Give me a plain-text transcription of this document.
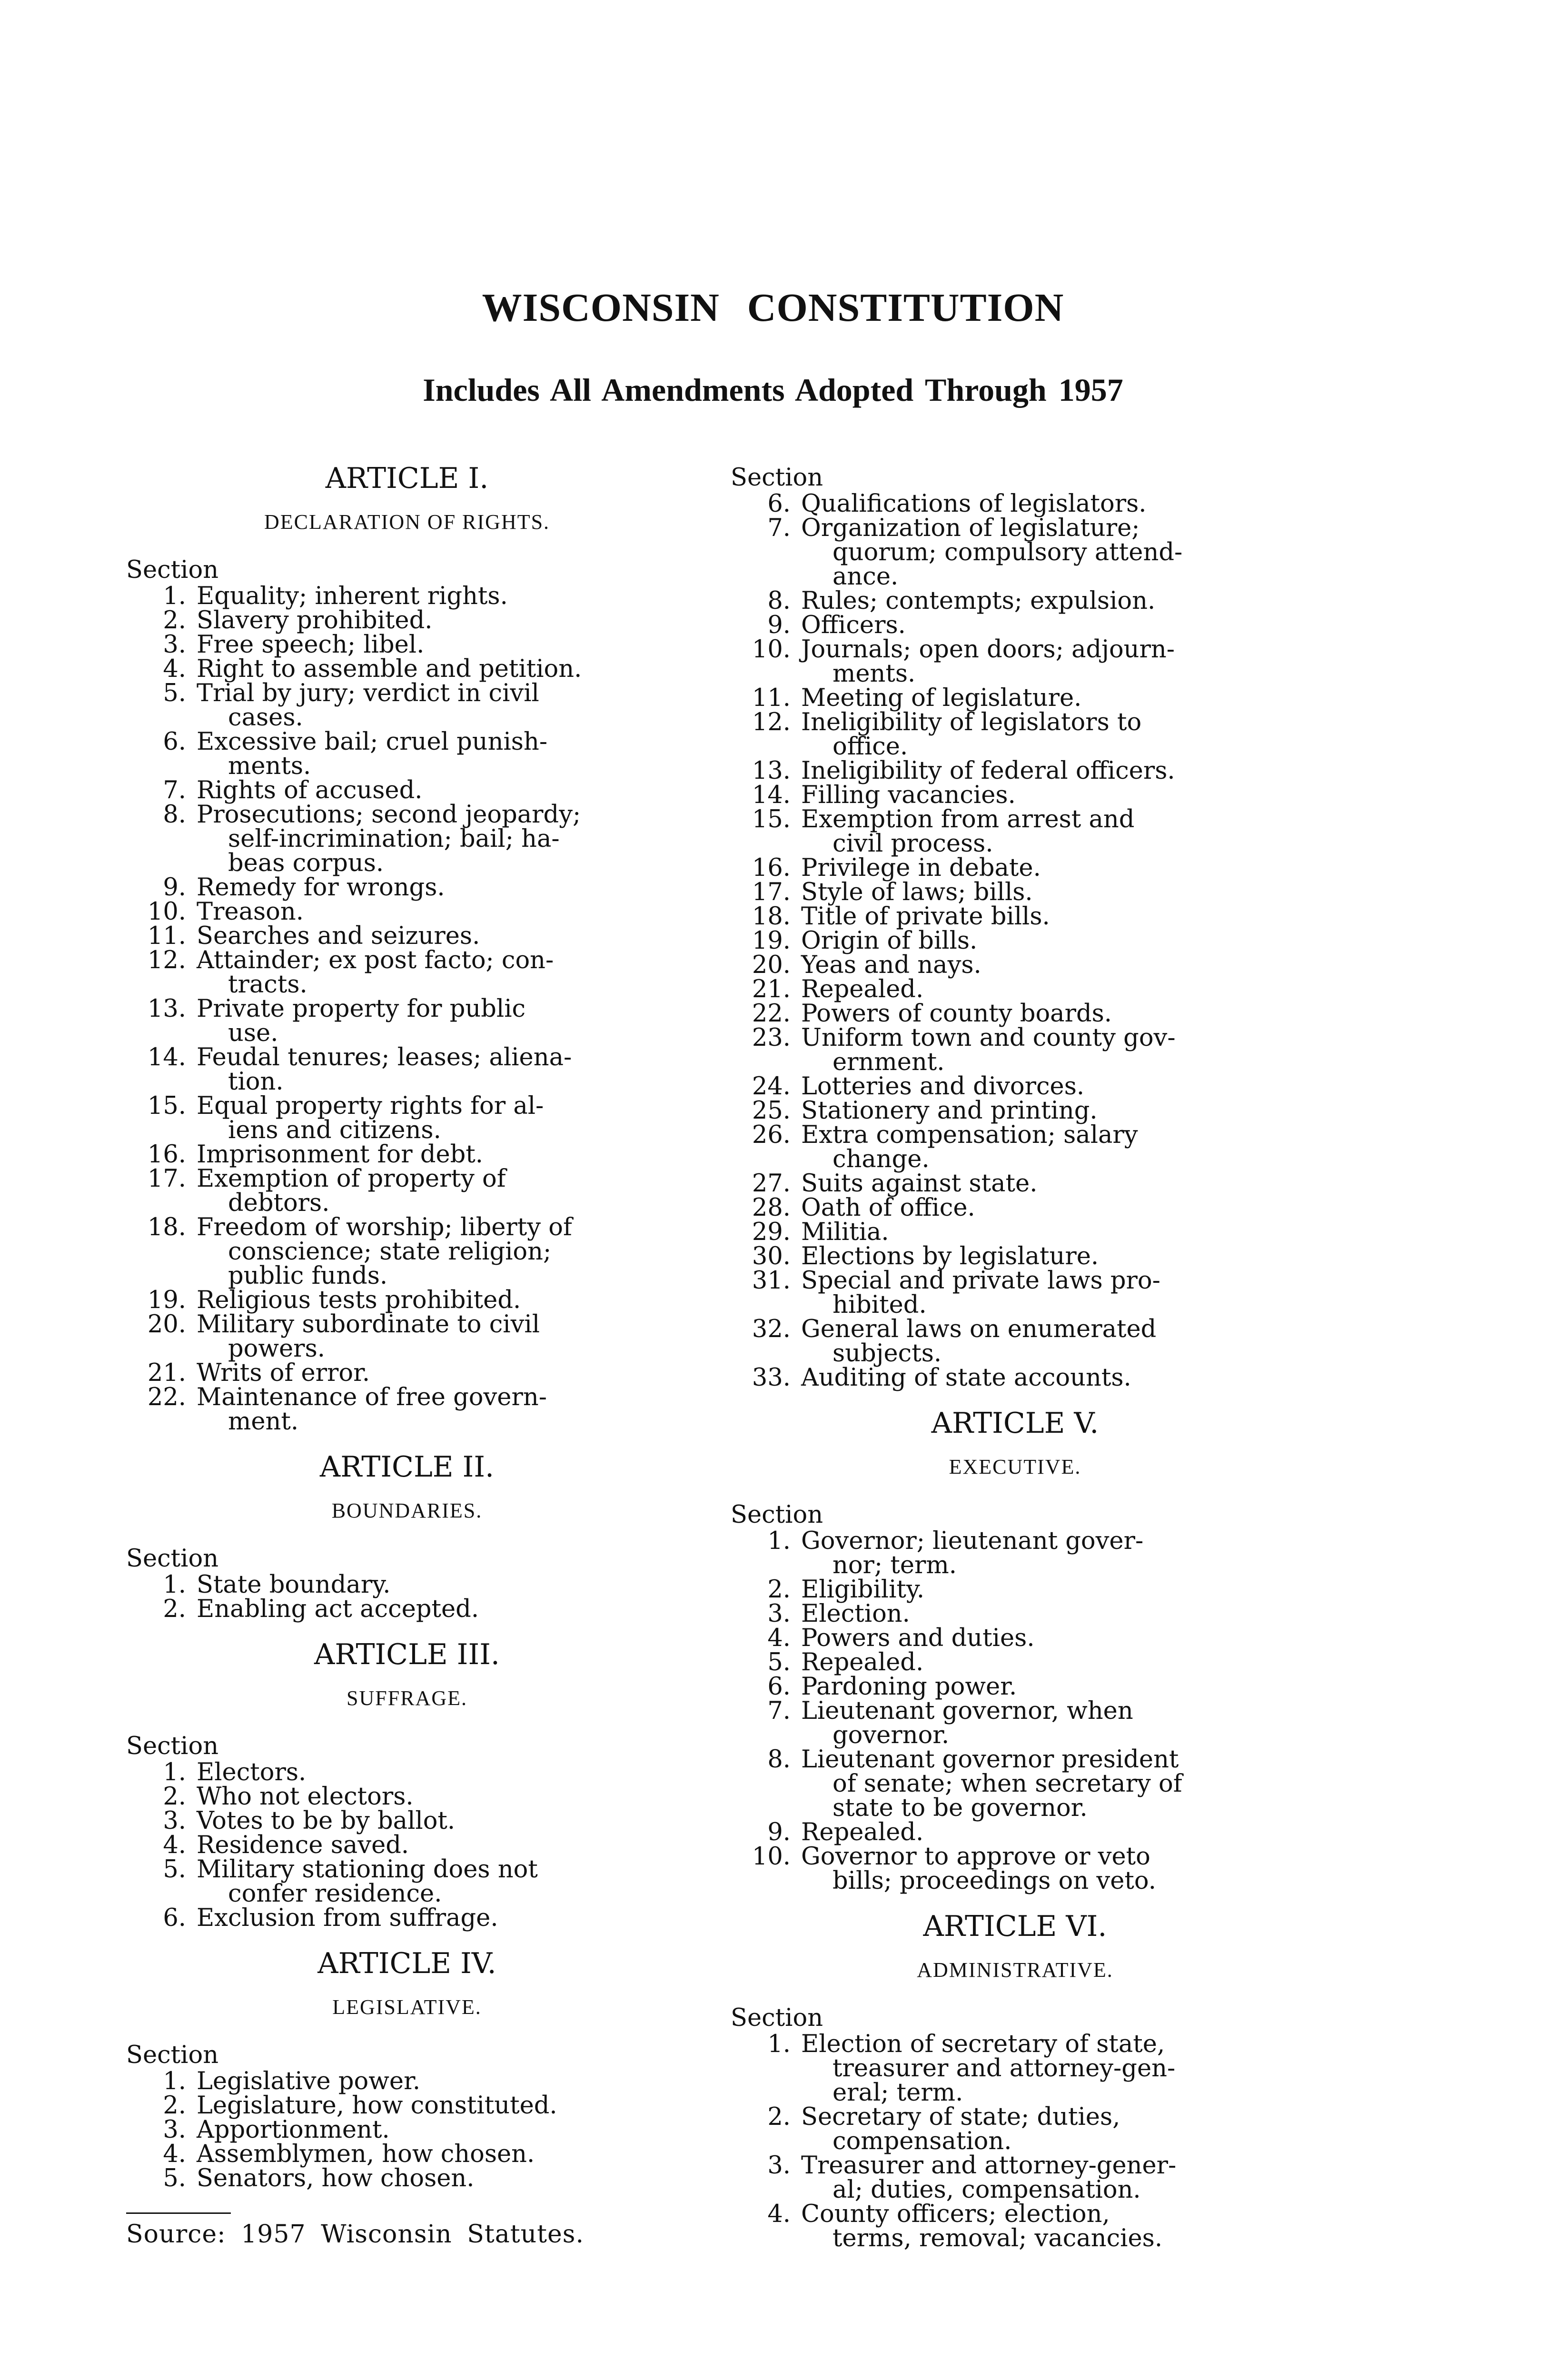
WISCONSIN CONSTITUTION
Includes All Amendments Adopted Through 1957
ARTICLE I.
DECLARATION OF RIGHTS.
Section
1. Equality; inherent rights.
2. Slavery prohibited.
3. Free speech; libel.
4. Right to assemble and petition.
5. Trial by jury; verdict in civil
cases.
6. Excessive bail; cruel punish-
ments.
7. Rights of accused.
8. Prosecutions; second jeopardy;
self-incrimination; bail; ha-
beas corpus.
9. Remedy for wrongs.
10. Treason.
11. Searches and seizures.
12. Attainder; ex post facto; con-
tracts.
13. Private property for public
use.
14. Feudal tenures; leases; aliena-
tion.
15. Equal property rights for al-
iens and citizens.
16. Imprisonment for debt.
17. Exemption of property of
debtors.
18. Freedom of worship; liberty of
conscience; state religion;
public funds.
19. Religious tests prohibited.
20. Military subordinate to civil
powers.
21. Writs of error.
22. Maintenance of free govern-
ment.
ARTICLE II.
BOUNDARIES.
Section
1. State boundary.
2. Enabling act accepted.
ARTICLE III.
SUFFRAGE.
Section
1. Electors.
2. Who not electors.
3. Votes to be by ballot.
4. Residence saved.
5. Military stationing does not
confer residence.
6. Exclusion from suffrage.
ARTICLE IV.
LEGISLATIVE.
Section
1. Legislative power.
2. Legislature, how constituted.
3. Apportionment.
4. Assemblymen, how chosen.
5. Senators, how chosen.
Source: 1957 Wisconsin Statutes.
Section
6. Qualifications of legislators.
7. Organization of legislature;
quorum; compulsory attend-
ance.
8. Rules; contempts; expulsion.
9. Officers.
10. Journals; open doors; adjourn-
ments.
11. Meeting of legislature.
12. Ineligibility of legislators to
office.
13. Ineligibility of federal officers.
14. Filling vacancies.
15. Exemption from arrest and
civil process.
16. Privilege in debate.
17. Style of laws; bills.
18. Title of private bills.
19. Origin of bills.
20. Yeas and nays.
21. Repealed.
22. Powers of county boards.
23. Uniform town and county gov-
ernment.
24. Lotteries and divorces.
25. Stationery and printing.
26. Extra compensation; salary
change.
27. Suits against state.
28. Oath of office.
29. Militia.
30. Elections by legislature.
31. Special and private laws pro-
hibited.
32. General laws on enumerated
subjects.
33. Auditing of state accounts.
ARTICLE V.
EXECUTIVE.
Section
1. Governor; lieutenant gover-
nor; term.
2. Eligibility.
3. Election.
4. Powers and duties.
5. Repealed.
6. Pardoning power.
7. Lieutenant governor, when
governor.
8. Lieutenant governor president
of senate; when secretary of
state to be governor.
9. Repealed.
10. Governor to approve or veto
bills; proceedings on veto.
ARTICLE VI.
ADMINISTRATIVE.
Section
1. Election of secretary of state,
treasurer and attorney-gen-
eral; term.
2. Secretary of state; duties,
compensation.
3. Treasurer and attorney-gener-
al; duties, compensation.
4. County officers; election,
terms, removal; vacancies.
